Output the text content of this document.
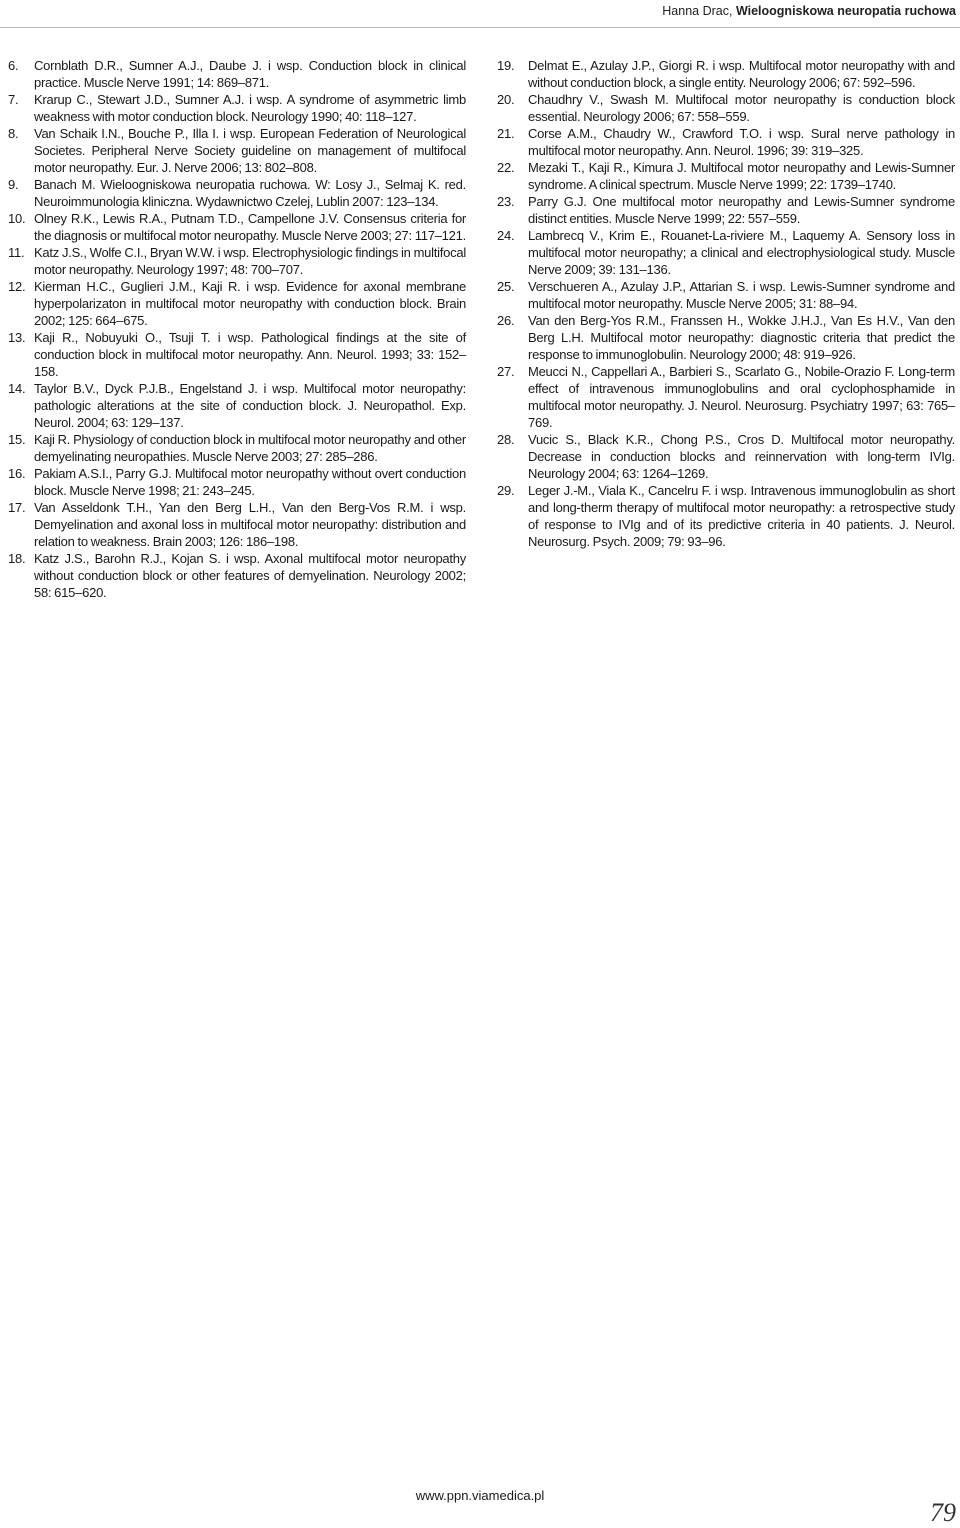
Hanna Drac, Wieloogniskowa neuropatia ruchowa
6. Cornblath D.R., Sumner A.J., Daube J. i wsp. Conduction block in clinical practice. Muscle Nerve 1991; 14: 869–871.
7. Krarup C., Stewart J.D., Sumner A.J. i wsp. A syndrome of asymmetric limb weakness with motor conduction block. Neurology 1990; 40: 118–127.
8. Van Schaik I.N., Bouche P., Illa I. i wsp. European Federation of Neurological Societes. Peripheral Nerve Society guideline on management of multifocal motor neuropathy. Eur. J. Nerve 2006; 13: 802–808.
9. Banach M. Wieloogniskowa neuropatia ruchowa. W: Losy J., Selmaj K. red. Neuroimmunologia kliniczna. Wydawnictwo Czelej, Lublin 2007: 123–134.
10. Olney R.K., Lewis R.A., Putnam T.D., Campellone J.V. Consensus criteria for the diagnosis or multifocal motor neuropathy. Muscle Nerve 2003; 27: 117–121.
11. Katz J.S., Wolfe C.I., Bryan W.W. i wsp. Electrophysiologic findings in multifocal motor neuropathy. Neurology 1997; 48: 700–707.
12. Kierman H.C., Guglieri J.M., Kaji R. i wsp. Evidence for axonal membrane hyperpolarizaton in multifocal motor neuropathy with conduction block. Brain 2002; 125: 664–675.
13. Kaji R., Nobuyuki O., Tsuji T. i wsp. Pathological findings at the site of conduction block in multifocal motor neuropathy. Ann. Neurol. 1993; 33: 152–158.
14. Taylor B.V., Dyck P.J.B., Engelstand J. i wsp. Multifocal motor neuropathy: pathologic alterations at the site of conduction block. J. Neuropathol. Exp. Neurol. 2004; 63: 129–137.
15. Kaji R. Physiology of conduction block in multifocal motor neuropathy and other demyelinating neuropathies. Muscle Nerve 2003; 27: 285–286.
16. Pakiam A.S.I., Parry G.J. Multifocal motor neuropathy without overt conduction block. Muscle Nerve 1998; 21: 243–245.
17. Van Asseldonk T.H., Yan den Berg L.H., Van den Berg-Vos R.M. i wsp. Demyelination and axonal loss in multifocal motor neuropathy: distribution and relation to weakness. Brain 2003; 126: 186–198.
18. Katz J.S., Barohn R.J., Kojan S. i wsp. Axonal multifocal motor neuropathy without conduction block or other features of demyelination. Neurology 2002; 58: 615–620.
19. Delmat E., Azulay J.P., Giorgi R. i wsp. Multifocal motor neuropathy with and without conduction block, a single entity. Neurology 2006; 67: 592–596.
20. Chaudhry V., Swash M. Multifocal motor neuropathy is conduction block essential. Neurology 2006; 67: 558–559.
21. Corse A.M., Chaudry W., Crawford T.O. i wsp. Sural nerve pathology in multifocal motor neuropathy. Ann. Neurol. 1996; 39: 319–325.
22. Mezaki T., Kaji R., Kimura J. Multifocal motor neuropathy and Lewis-Sumner syndrome. A clinical spectrum. Muscle Nerve 1999; 22: 1739–1740.
23. Parry G.J. One multifocal motor neuropathy and Lewis-Sumner syndrome distinct entities. Muscle Nerve 1999; 22: 557–559.
24. Lambrecq V., Krim E., Rouanet-La-riviere M., Laquemy A. Sensory loss in multifocal motor neuropathy; a clinical and electrophysiological study. Muscle Nerve 2009; 39: 131–136.
25. Verschueren A., Azulay J.P., Attarian S. i wsp. Lewis-Sumner syndrome and multifocal motor neuropathy. Muscle Nerve 2005; 31: 88–94.
26. Van den Berg-Yos R.M., Franssen H., Wokke J.H.J., Van Es H.V., Van den Berg L.H. Multifocal motor neuropathy: diagnostic criteria that predict the response to immunoglobulin. Neurology 2000; 48: 919–926.
27. Meucci N., Cappellari A., Barbieri S., Scarlato G., Nobile-Orazio F. Long-term effect of intravenous immunoglobulins and oral cyclophosphamide in multifocal motor neuropathy. J. Neurol. Neurosurg. Psychiatry 1997; 63: 765–769.
28. Vucic S., Black K.R., Chong P.S., Cros D. Multifocal motor neuropathy. Decrease in conduction blocks and reinnervation with long-term IVIg. Neurology 2004; 63: 1264–1269.
29. Leger J.-M., Viala K., Cancelru F. i wsp. Intravenous immunoglobulin as short and long-therm therapy of multifocal motor neuropathy: a retrospective study of response to IVIg and of its predictive criteria in 40 patients. J. Neurol. Neurosurg. Psych. 2009; 79: 93–96.
www.ppn.viamedica.pl
79
